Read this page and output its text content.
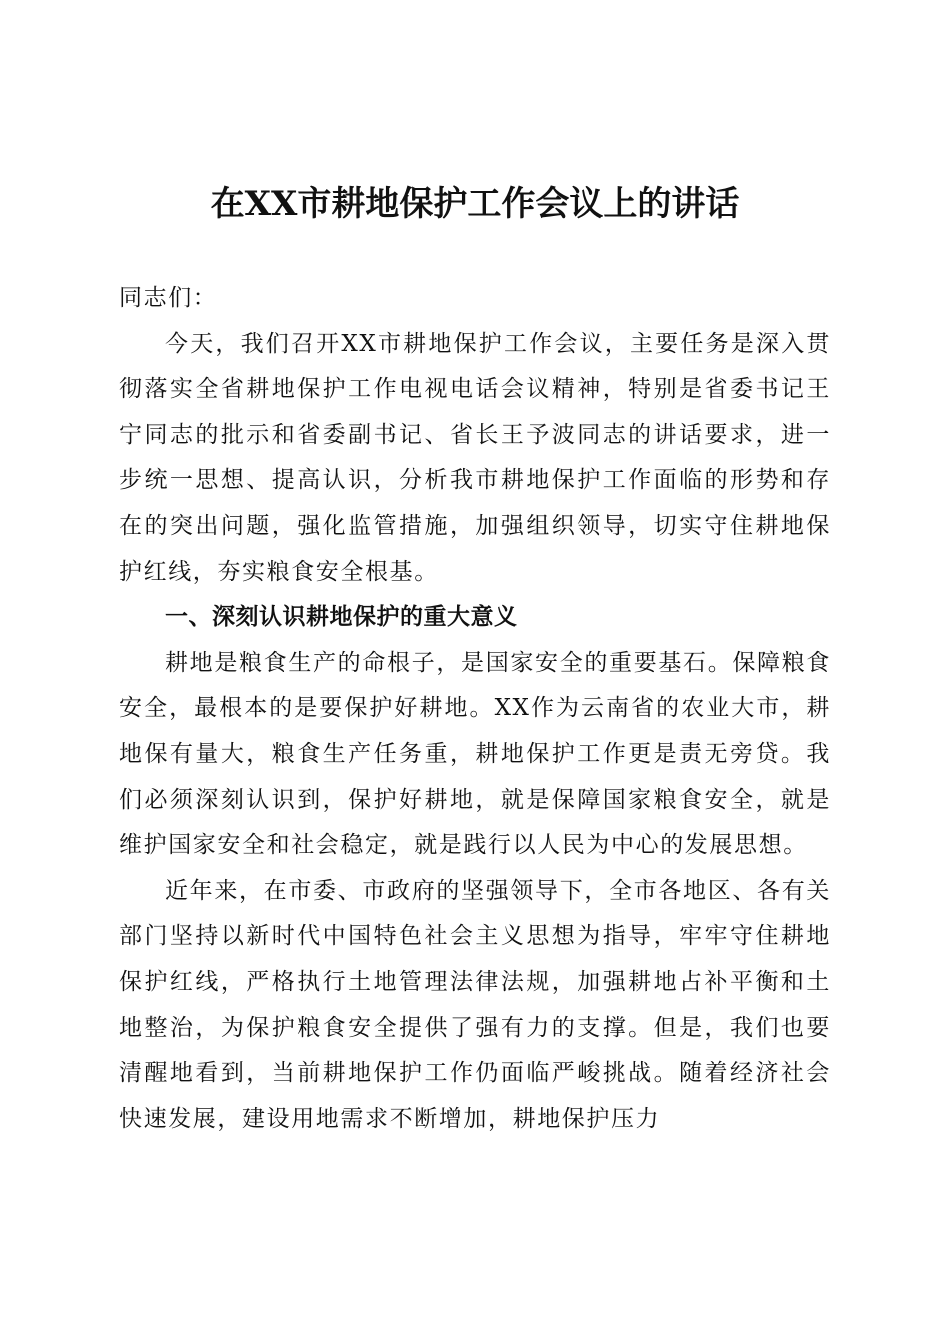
在XX市耕地保护工作会议上的讲话

同志们：

今天，我们召开XX市耕地保护工作会议，主要任务是深入贯彻落实全省耕地保护工作电视电话会议精神，特别是省委书记王宁同志的批示和省委副书记、省长王予波同志的讲话要求，进一步统一思想、提高认识，分析我市耕地保护工作面临的形势和存在的突出问题，强化监管措施，加强组织领导，切实守住耕地保护红线，夯实粮食安全根基。

一、深刻认识耕地保护的重大意义

耕地是粮食生产的命根子，是国家安全的重要基石。保障粮食安全，最根本的是要保护好耕地。XX作为云南省的农业大市，耕地保有量大，粮食生产任务重，耕地保护工作更是责无旁贷。我们必须深刻认识到，保护好耕地，就是保障国家粮食安全，就是维护国家安全和社会稳定，就是践行以人民为中心的发展思想。

近年来，在市委、市政府的坚强领导下，全市各地区、各有关部门坚持以新时代中国特色社会主义思想为指导，牢牢守住耕地保护红线，严格执行土地管理法律法规，加强耕地占补平衡和土地整治，为保护粮食安全提供了强有力的支撑。但是，我们也要清醒地看到，当前耕地保护工作仍面临严峻挑战。随着经济社会快速发展，建设用地需求不断增加，耕地保护压力
